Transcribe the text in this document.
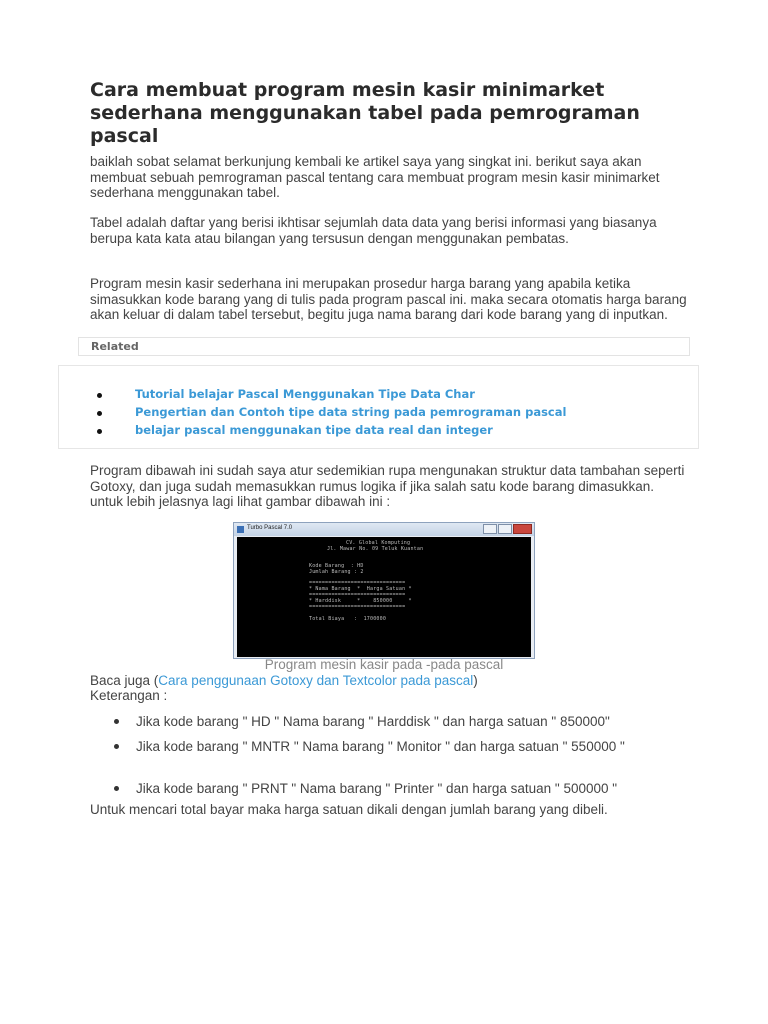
Cara membuat program mesin kasir minimarket sederhana menggunakan tabel pada pemrograman pascal

baiklah sobat selamat berkunjung kembali ke artikel saya yang singkat ini. berikut saya akan membuat sebuah pemrograman pascal tentang cara membuat program mesin kasir minimarket sederhana menggunakan tabel.

Tabel adalah daftar yang berisi ikhtisar sejumlah data data yang berisi informasi yang biasanya berupa kata kata atau bilangan yang tersusun dengan menggunakan pembatas.

Program mesin kasir sederhana ini merupakan prosedur harga barang yang apabila ketika simasukkan kode barang yang di tulis pada program pascal ini. maka secara otomatis harga barang akan keluar di dalam tabel tersebut, begitu juga nama barang dari kode barang yang di inputkan.

Related
Tutorial belajar Pascal Menggunakan Tipe Data Char
Pengertian dan Contoh tipe data string pada pemrograman pascal
belajar pascal menggunakan tipe data real dan integer

Program dibawah ini sudah saya atur sedemikian rupa mengunakan struktur data tambahan seperti Gotoxy, dan juga sudah memasukkan rumus logika if jika salah satu kode barang dimasukkan. untuk lebih jelasnya lagi lihat gambar dibawah ini :

Turbo Pascal 7.0
CV. Global Komputing
Jl. Mawar No. 09 Teluk Kuantan
Kode Barang  : HD
Jumlah Barang : 2
==============================
* Nama Barang  *  Harga Satuan *
==============================
* Harddisk     *    850000     *
==============================
Total Biaya   :  1700000
Program mesin kasir pada -pada pascal
Baca juga (Cara penggunaan Gotoxy dan Textcolor pada pascal)
Keterangan :
Jika kode barang " HD " Nama barang " Harddisk " dan harga satuan " 850000"
Jika kode barang " MNTR " Nama barang " Monitor " dan harga satuan " 550000 "
Jika kode barang " PRNT " Nama barang " Printer " dan harga satuan " 500000 "
Untuk mencari total bayar maka harga satuan dikali dengan jumlah barang yang dibeli.
